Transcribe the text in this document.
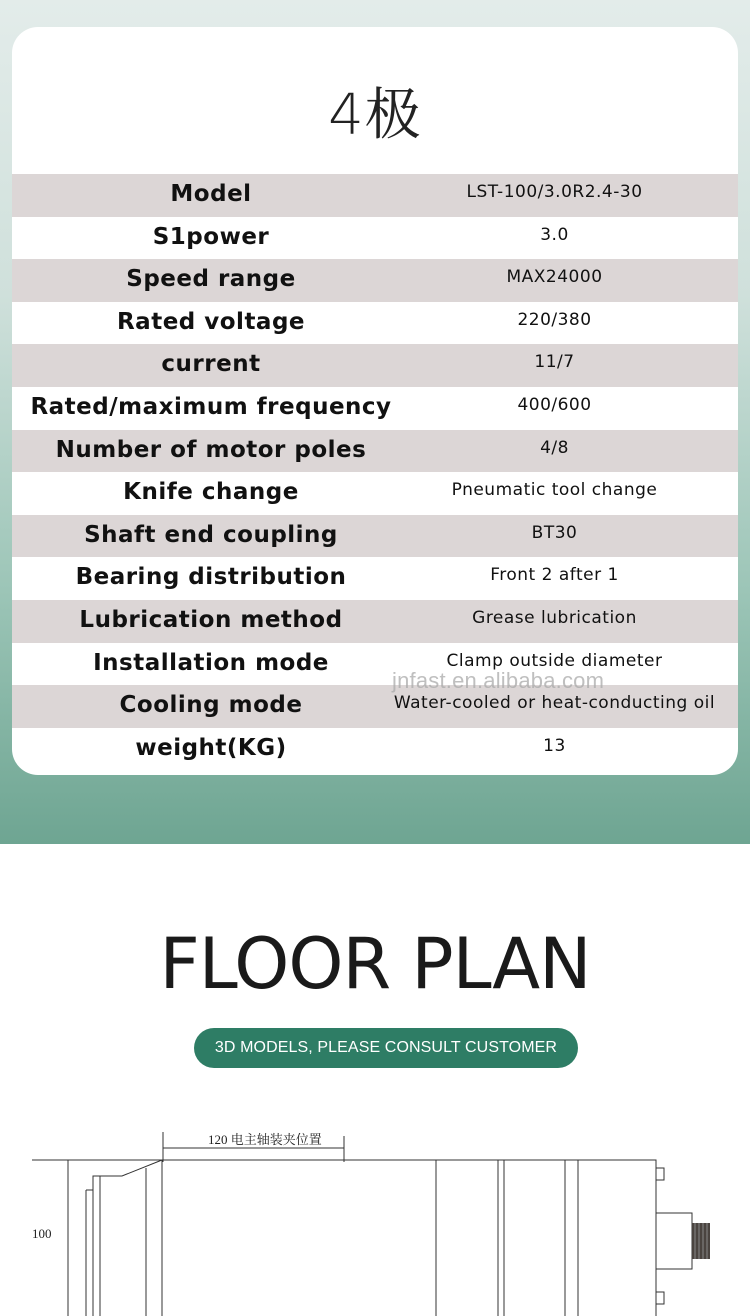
4极
Model	LST-100/3.0R2.4-30
S1power	3.0
Speed range	MAX24000
Rated voltage	220/380
current	11/7
Rated/maximum frequency	400/600
Number of motor poles	4/8
Knife change	Pneumatic tool change
Shaft end coupling	BT30
Bearing distribution	Front 2 after 1
Lubrication method	Grease lubrication
Installation mode	Clamp outside diameter
Cooling mode	Water-cooled or heat-conducting oil
weight(KG)	13
jnfast.en.alibaba.com
FLOOR PLAN
3D MODELS, PLEASE CONSULT CUSTOMER SERVICE
120 电主轴装夹位置
100
